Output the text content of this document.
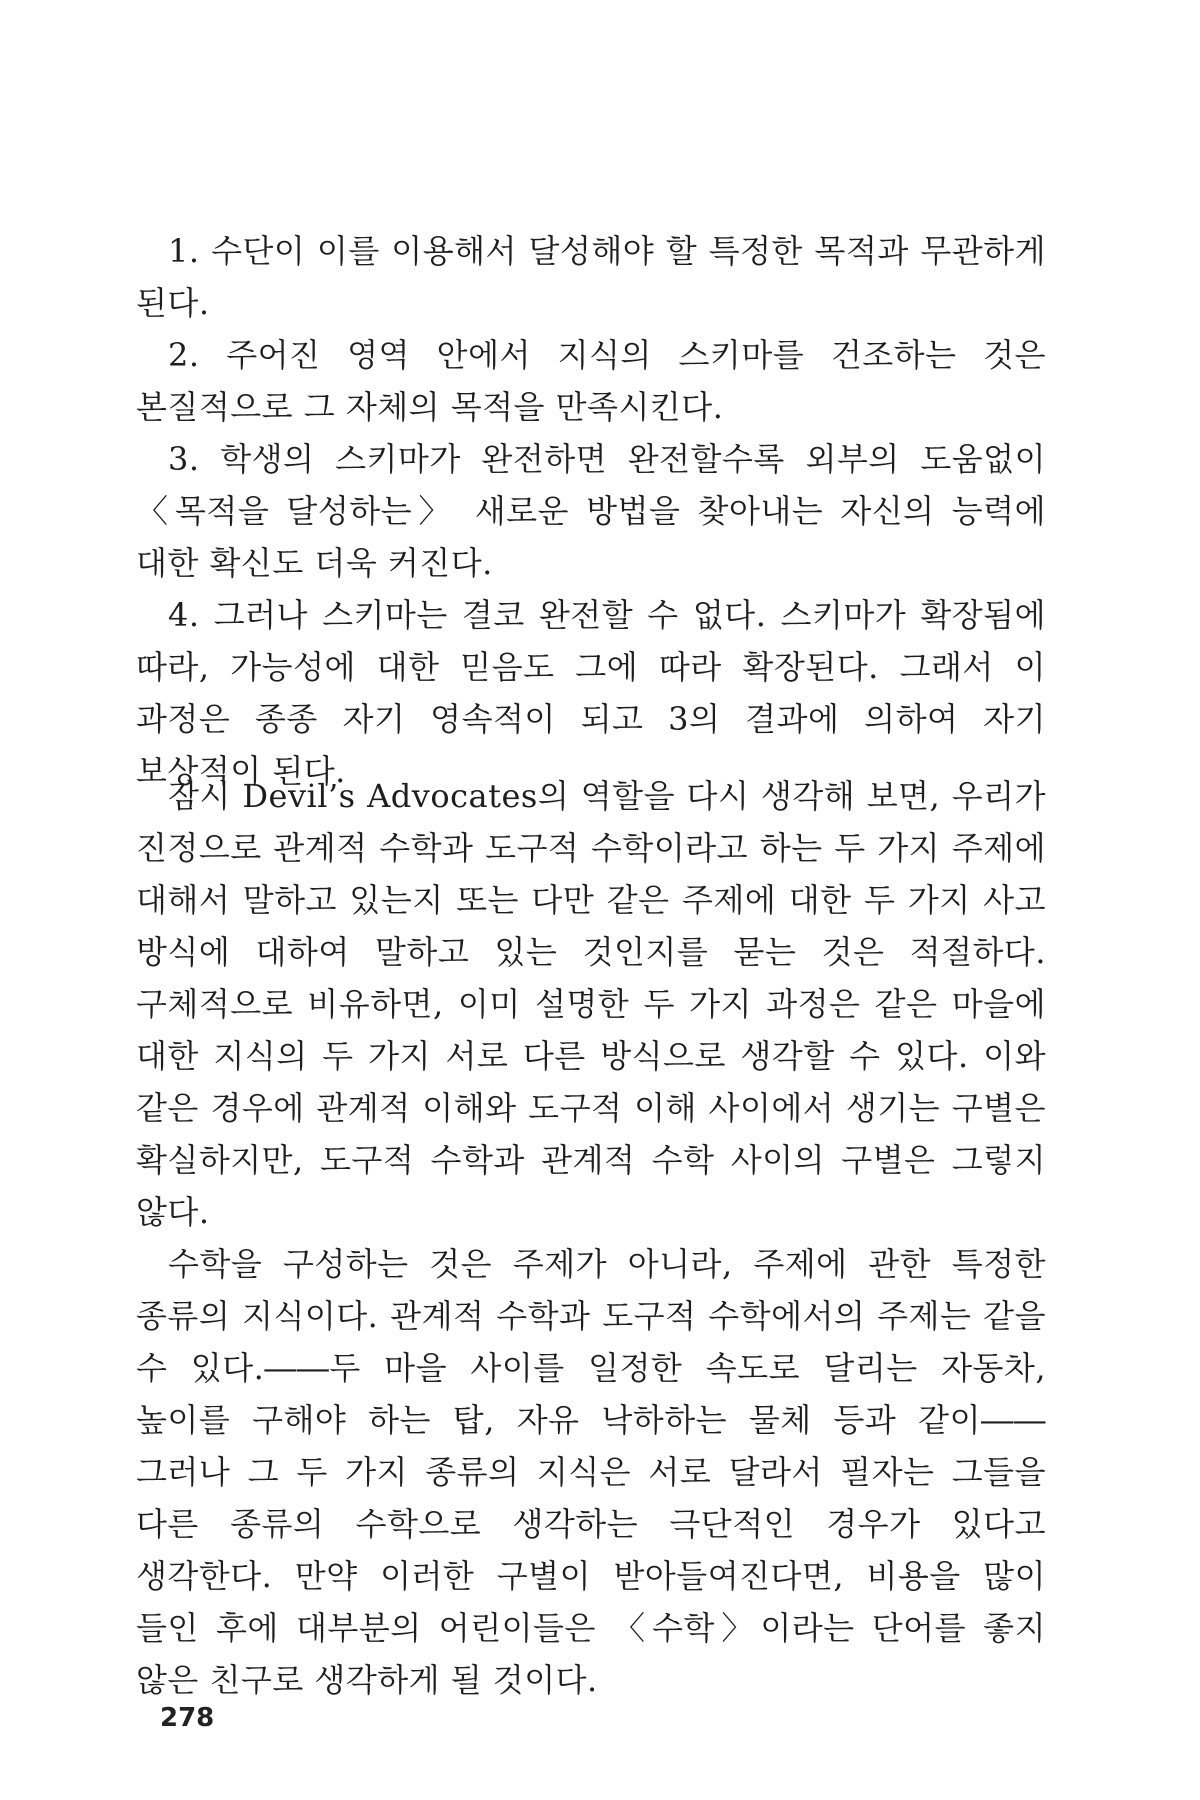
1. 수단이 이를 이용해서 달성해야 할 특정한 목적과 무관하게 된다.

2. 주어진 영역 안에서 지식의 스키마를 건조하는 것은 본질적으로 그 자체의 목적을 만족시킨다.

3. 학생의 스키마가 완전하면 완전할수록 외부의 도움없이 〈목적을 달성하는〉 새로운 방법을 찾아내는 자신의 능력에 대한 확신도 더욱 커진다.

4. 그러나 스키마는 결코 완전할 수 없다. 스키마가 확장됨에 따라, 가능성에 대한 믿음도 그에 따라 확장된다. 그래서 이 과정은 종종 자기 영속적이 되고 3의 결과에 의하여 자기 보상적이 된다.

잠시 Devil’s Advocates의 역할을 다시 생각해 보면, 우리가 진정으로 관계적 수학과 도구적 수학이라고 하는 두 가지 주제에 대해서 말하고 있는지 또는 다만 같은 주제에 대한 두 가지 사고 방식에 대하여 말하고 있는 것인지를 묻는 것은 적절하다. 구체적으로 비유하면, 이미 설명한 두 가지 과정은 같은 마을에 대한 지식의 두 가지 서로 다른 방식으로 생각할 수 있다. 이와 같은 경우에 관계적 이해와 도구적 이해 사이에서 생기는 구별은 확실하지만, 도구적 수학과 관계적 수학 사이의 구별은 그렇지 않다.

수학을 구성하는 것은 주제가 아니라, 주제에 관한 특정한 종류의 지식이다. 관계적 수학과 도구적 수학에서의 주제는 같을 수 있다.――두 마을 사이를 일정한 속도로 달리는 자동차, 높이를 구해야 하는 탑, 자유 낙하하는 물체 등과 같이――그러나 그 두 가지 종류의 지식은 서로 달라서 필자는 그들을 다른 종류의 수학으로 생각하는 극단적인 경우가 있다고 생각한다. 만약 이러한 구별이 받아들여진다면, 비용을 많이 들인 후에 대부분의 어린이들은 〈수학〉이라는 단어를 좋지 않은 친구로 생각하게 될 것이다.

278
